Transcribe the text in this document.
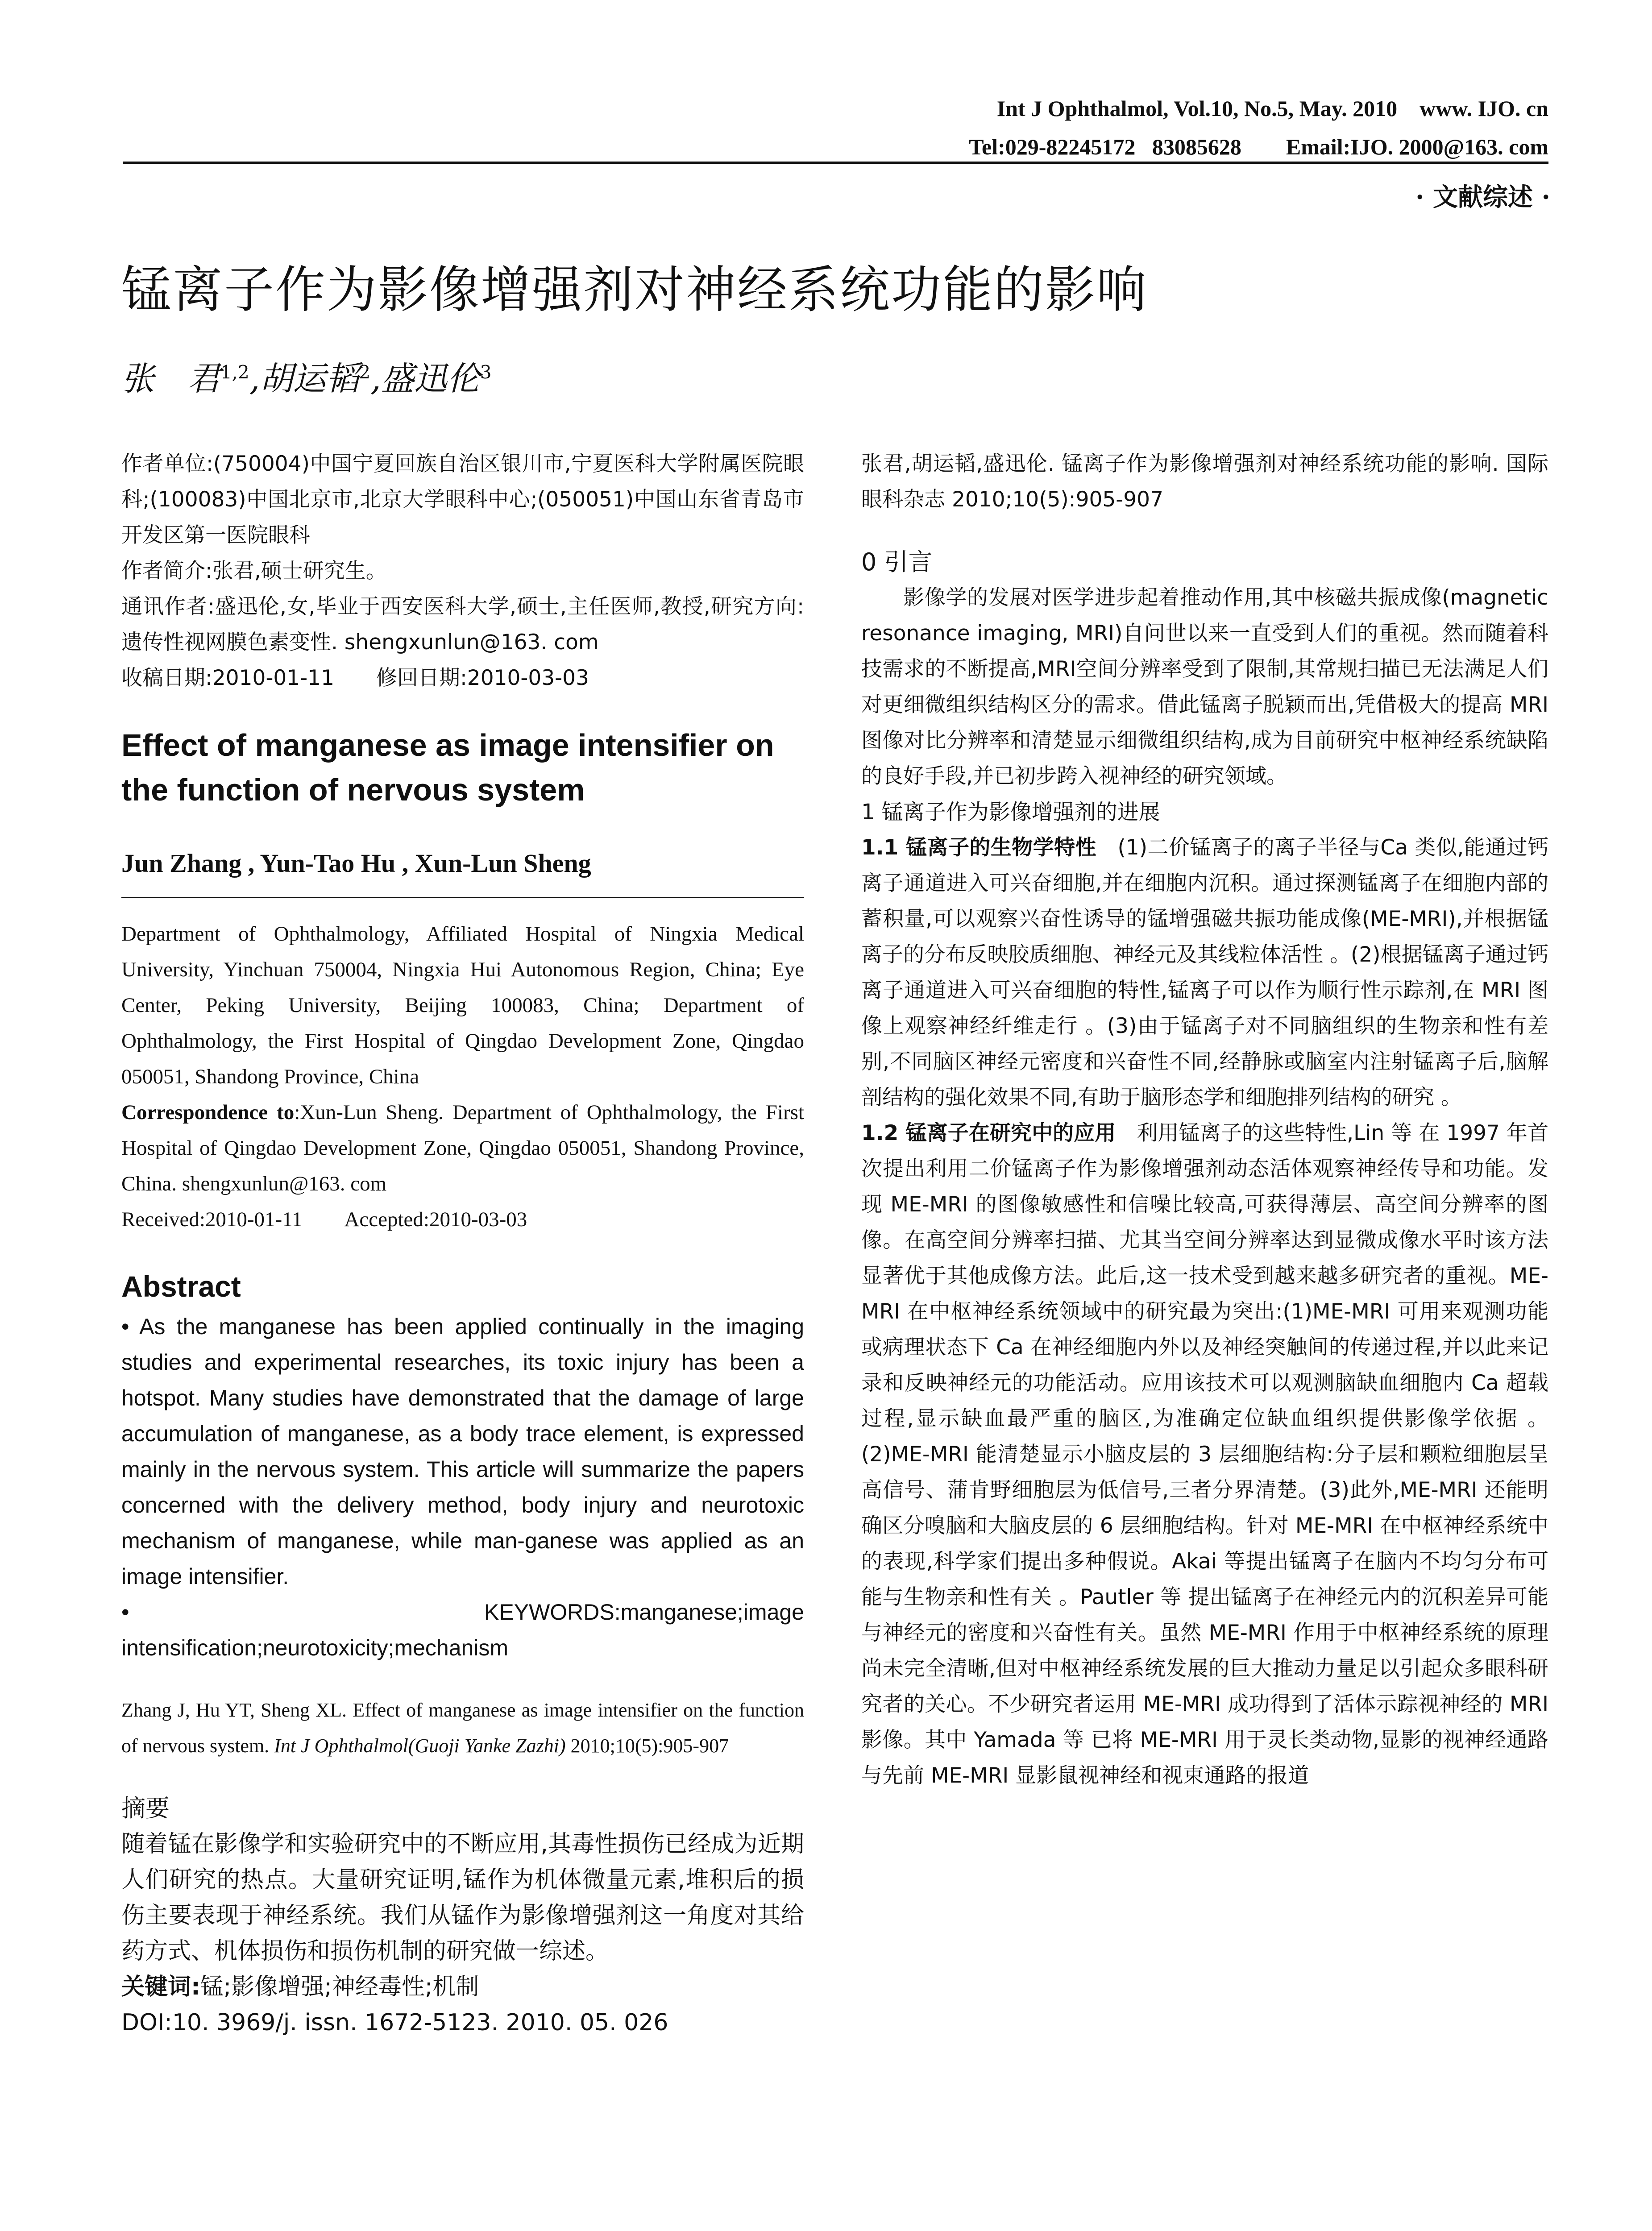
Int J Ophthalmol, Vol.10, No.5, May. 2010    www. IJO. cn
Tel:029-82245172   83085628        Email:IJO. 2000@163. com
· 文献综述 ·
锰离子作为影像增强剂对神经系统功能的影响
张　君$^{1,2}$,胡运韬$^2$,盛迅伦$^3$

作者单位:(750004)中国宁夏回族自治区银川市,宁夏医科大学附属医院眼科;(100083)中国北京市,北京大学眼科中心;(050051)中国山东省青岛市开发区第一医院眼科

作者简介:张君,硕士研究生。

通讯作者:盛迅伦,女,毕业于西安医科大学,硕士,主任医师,教授,研究方向:遗传性视网膜色素变性. shengxunlun@163. com

收稿日期:2010-01-11　　修回日期:2010-03-03

Effect of manganese as image intensifier on the function of nervous system
Jun Zhang , Yun-Tao Hu , Xun-Lun Sheng
Department of Ophthalmology, Affiliated Hospital of Ningxia Medical University, Yinchuan 750004, Ningxia Hui Autonomous Region, China; Eye Center, Peking University, Beijing 100083, China; Department of Ophthalmology, the First Hospital of Qingdao Development Zone, Qingdao 050051, Shandong Province, China
Correspondence to:Xun-Lun Sheng. Department of Ophthalmology, the First Hospital of Qingdao Development Zone, Qingdao 050051, Shandong Province, China. shengxunlun@163. com
Received:2010-01-11　　Accepted:2010-03-03
Abstract
• As the manganese has been applied continually in the imaging studies and experimental researches, its toxic injury has been a hotspot. Many studies have demonstrated that the damage of large accumulation of manganese, as a body trace element, is expressed mainly in the nervous system. This article will summarize the papers concerned with the delivery method, body injury and neurotoxic mechanism of manganese, while man-ganese was applied as an image intensifier.
• KEYWORDS:manganese;image intensification;neurotoxicity;mechanism
Zhang J, Hu YT, Sheng XL. Effect of manganese as image intensifier on the function of nervous system. Int J Ophthalmol(Guoji Yanke Zazhi) 2010;10(5):905-907
摘要
随着锰在影像学和实验研究中的不断应用,其毒性损伤已经成为近期人们研究的热点。大量研究证明,锰作为机体微量元素,堆积后的损伤主要表现于神经系统。我们从锰作为影像增强剂这一角度对其给药方式、机体损伤和损伤机制的研究做一综述。
关键词:锰;影像增强;神经毒性;机制
DOI:10. 3969/j. issn. 1672-5123. 2010. 05. 026
张君,胡运韬,盛迅伦. 锰离子作为影像增强剂对神经系统功能的影响. 国际眼科杂志 2010;10(5):905-907
0 引言

影像学的发展对医学进步起着推动作用,其中核磁共振成像(magnetic resonance imaging, MRI)自问世以来一直受到人们的重视。然而随着科技需求的不断提高,MRI空间分辨率受到了限制,其常规扫描已无法满足人们对更细微组织结构区分的需求。借此锰离子脱颖而出,凭借极大的提高 MRI 图像对比分辨率和清楚显示细微组织结构,成为目前研究中枢神经系统缺陷的良好手段,并已初步跨入视神经的研究领域。

1 锰离子作为影像增强剂的进展

1.1 锰离子的生物学特性　(1)二价锰离子的离子半径与Ca 类似,能通过钙离子通道进入可兴奋细胞,并在细胞内沉积。通过探测锰离子在细胞内部的蓄积量,可以观察兴奋性诱导的锰增强磁共振功能成像(ME-MRI),并根据锰离子的分布反映胶质细胞、神经元及其线粒体活性 。(2)根据锰离子通过钙离子通道进入可兴奋细胞的特性,锰离子可以作为顺行性示踪剂,在 MRI 图像上观察神经纤维走行 。(3)由于锰离子对不同脑组织的生物亲和性有差别,不同脑区神经元密度和兴奋性不同,经静脉或脑室内注射锰离子后,脑解剖结构的强化效果不同,有助于脑形态学和细胞排列结构的研究 。

1.2 锰离子在研究中的应用　利用锰离子的这些特性,Lin 等 在 1997 年首次提出利用二价锰离子作为影像增强剂动态活体观察神经传导和功能。发现 ME-MRI 的图像敏感性和信噪比较高,可获得薄层、高空间分辨率的图像。在高空间分辨率扫描、尤其当空间分辨率达到显微成像水平时该方法显著优于其他成像方法。此后,这一技术受到越来越多研究者的重视。ME-MRI 在中枢神经系统领域中的研究最为突出:(1)ME-MRI 可用来观测功能或病理状态下 Ca 在神经细胞内外以及神经突触间的传递过程,并以此来记录和反映神经元的功能活动。应用该技术可以观测脑缺血细胞内 Ca 超载过程,显示缺血最严重的脑区,为准确定位缺血组织提供影像学依据 。(2)ME-MRI 能清楚显示小脑皮层的 3 层细胞结构:分子层和颗粒细胞层呈高信号、蒲肯野细胞层为低信号,三者分界清楚。(3)此外,ME-MRI 还能明确区分嗅脑和大脑皮层的 6 层细胞结构。针对 ME-MRI 在中枢神经系统中的表现,科学家们提出多种假说。Akai 等提出锰离子在脑内不均匀分布可能与生物亲和性有关 。Pautler 等 提出锰离子在神经元内的沉积差异可能与神经元的密度和兴奋性有关。虽然 ME-MRI 作用于中枢神经系统的原理尚未完全清晰,但对中枢神经系统发展的巨大推动力量足以引起众多眼科研究者的关心。不少研究者运用 ME-MRI 成功得到了活体示踪视神经的 MRI 影像。其中 Yamada 等 已将 ME-MRI 用于灵长类动物,显影的视神经通路与先前 ME-MRI 显影鼠视神经和视束通路的报道
